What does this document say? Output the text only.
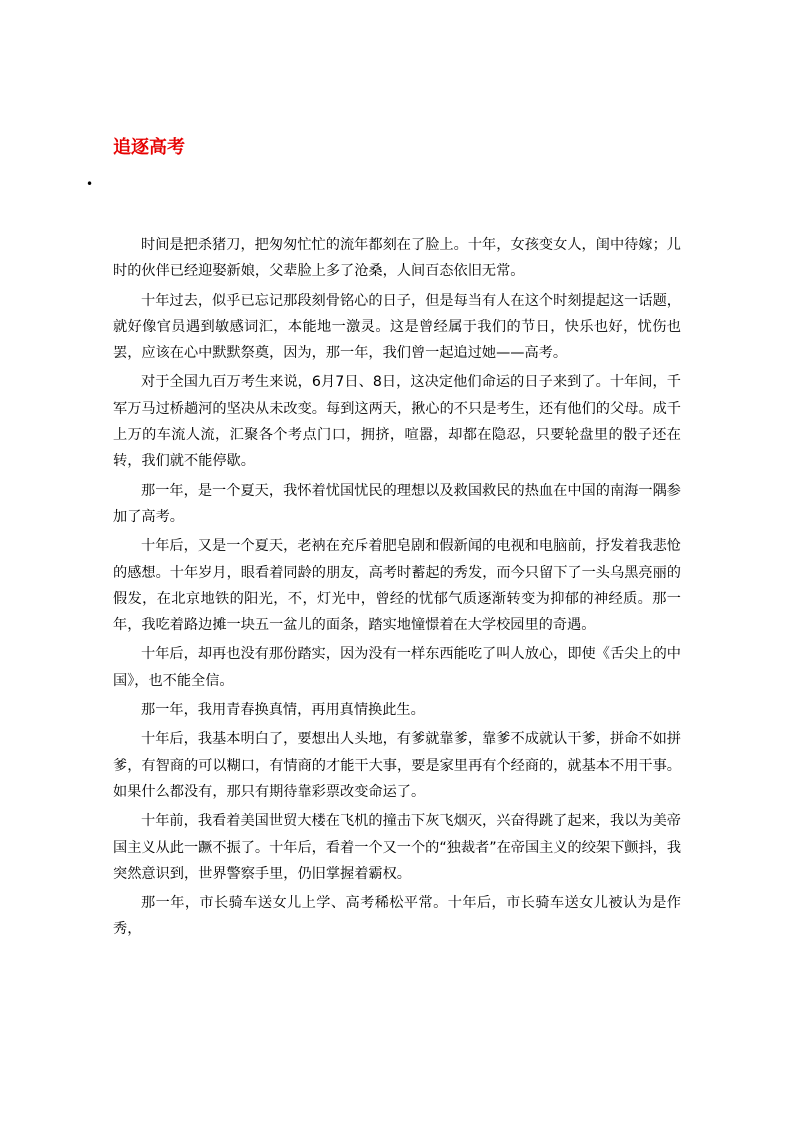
追逐高考
•

时间是把杀猪刀，把匆匆忙忙的流年都刻在了脸上。十年，女孩变女人，闺中待嫁；儿时的伙伴已经迎娶新娘，父辈脸上多了沧桑，人间百态依旧无常。

十年过去，似乎已忘记那段刻骨铭心的日子，但是每当有人在这个时刻提起这一话题，就好像官员遇到敏感词汇，本能地一激灵。这是曾经属于我们的节日，快乐也好，忧伤也罢，应该在心中默默祭奠，因为，那一年，我们曾一起追过她——高考。

对于全国九百万考生来说，6月7日、8日，这决定他们命运的日子来到了。十年间，千军万马过桥趟河的坚决从未改变。每到这两天，揪心的不只是考生，还有他们的父母。成千上万的车流人流，汇聚各个考点门口，拥挤，喧嚣，却都在隐忍，只要轮盘里的骰子还在转，我们就不能停歇。

那一年，是一个夏天，我怀着忧国忧民的理想以及救国救民的热血在中国的南海一隅参加了高考。

十年后，又是一个夏天，老衲在充斥着肥皂剧和假新闻的电视和电脑前，抒发着我悲怆的感想。十年岁月，眼看着同龄的朋友，高考时蓄起的秀发，而今只留下了一头乌黑亮丽的假发，在北京地铁的阳光，不，灯光中，曾经的忧郁气质逐渐转变为抑郁的神经质。那一年，我吃着路边摊一块五一盆儿的面条，踏实地憧憬着在大学校园里的奇遇。

十年后，却再也没有那份踏实，因为没有一样东西能吃了叫人放心，即使《舌尖上的中国》，也不能全信。

那一年，我用青春换真情，再用真情换此生。

十年后，我基本明白了，要想出人头地，有爹就靠爹，靠爹不成就认干爹，拼命不如拼爹，有智商的可以糊口，有情商的才能干大事，要是家里再有个经商的，就基本不用干事。如果什么都没有，那只有期待靠彩票改变命运了。

十年前，我看着美国世贸大楼在飞机的撞击下灰飞烟灭，兴奋得跳了起来，我以为美帝国主义从此一蹶不振了。十年后，看着一个又一个的“独裁者”在帝国主义的绞架下颤抖，我突然意识到，世界警察手里，仍旧掌握着霸权。

那一年，市长骑车送女儿上学、高考稀松平常。十年后，市长骑车送女儿被认为是作秀，
